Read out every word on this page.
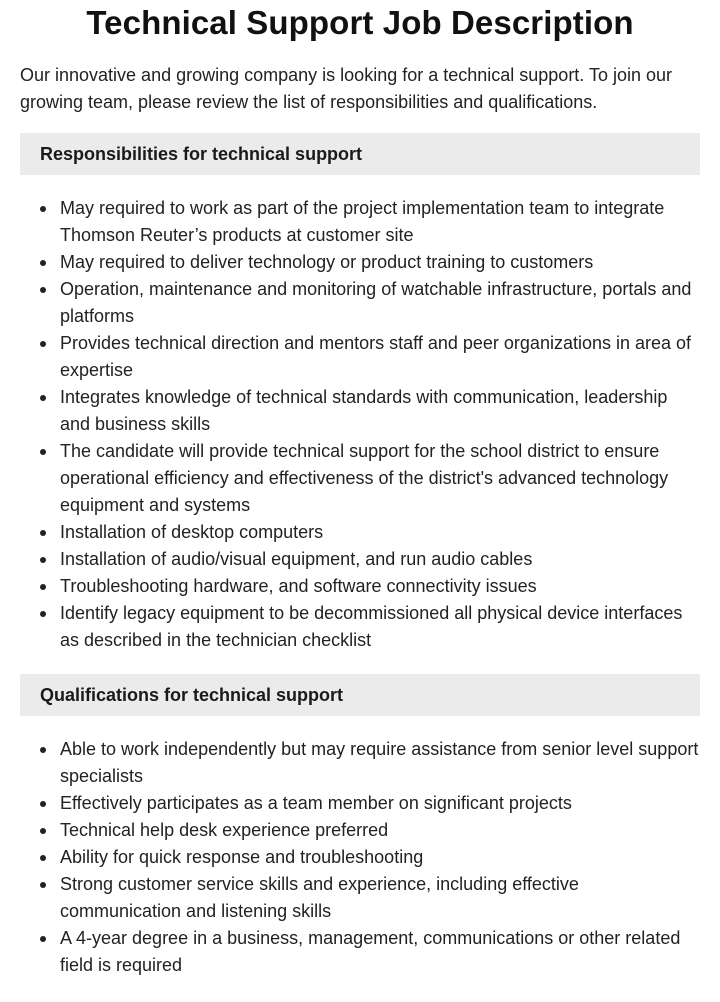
Technical Support Job Description

Our innovative and growing company is looking for a technical support. To join our growing team, please review the list of responsibilities and qualifications.

Responsibilities for technical support
May required to work as part of the project implementation team to integrate Thomson Reuter’s products at customer site
May required to deliver technology or product training to customers
Operation, maintenance and monitoring of watchable infrastructure, portals and platforms
Provides technical direction and mentors staff and peer organizations in area of expertise
Integrates knowledge of technical standards with communication, leadership and business skills
The candidate will provide technical support for the school district to ensure operational efficiency and effectiveness of the district's advanced technology equipment and systems
Installation of desktop computers
Installation of audio/visual equipment, and run audio cables
Troubleshooting hardware, and software connectivity issues
Identify legacy equipment to be decommissioned all physical device interfaces as described in the technician checklist
Qualifications for technical support
Able to work independently but may require assistance from senior level support specialists
Effectively participates as a team member on significant projects
Technical help desk experience preferred
Ability for quick response and troubleshooting
Strong customer service skills and experience, including effective communication and listening skills
A 4-year degree in a business, management, communications or other related field is required
